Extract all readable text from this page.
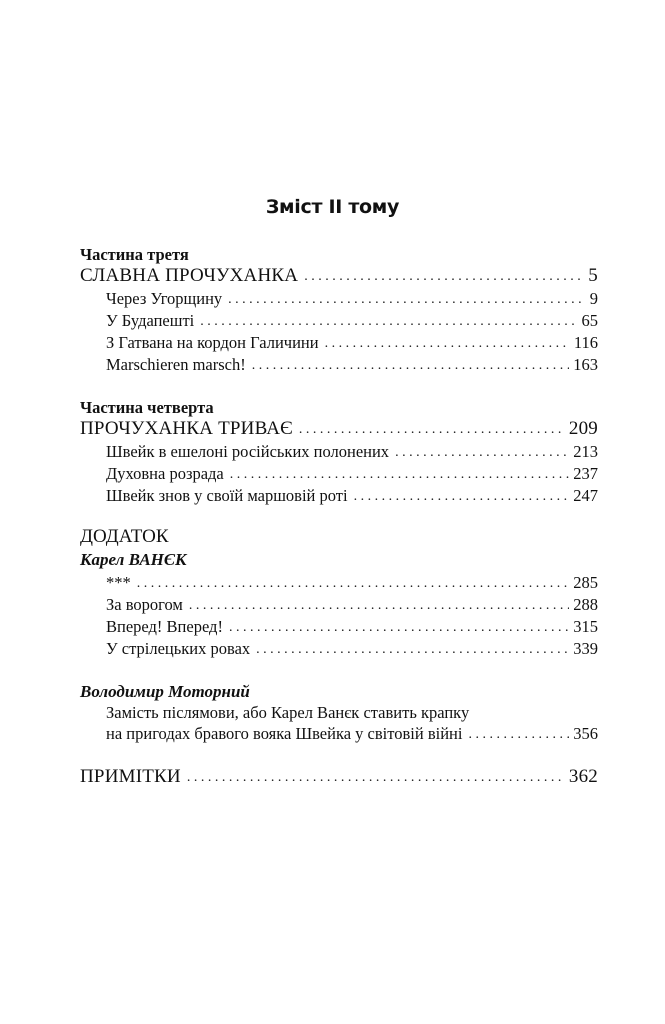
Зміст II тому
Частина третя
СЛАВНА ПРОЧУХАНКА . . .	5
Через Угорщину . . .	9
У Будапешті . . .	65
З Гатвана на кордон Галичини . . .	116
Marschieren marsch! . . .	163
Частина четверта
ПРОЧУХАНКА ТРИВАЄ . . .	209
Швейк в ешелоні російських полонених . . .	213
Духовна розрада . . .	237
Швейк знов у своїй маршовій роті . . .	247
ДОДАТОК
Карел ВАНЄК
*** . . .	285
За ворогом . . .	288
Вперед! Вперед! . . .	315
У стрілецьких ровах . . .	339
Володимир Моторний
Замість післямови, або Карел Ванєк ставить крапку
на пригодах бравого вояка Швейка у світовій війні . . .	356
ПРИМІТКИ . . .	362
